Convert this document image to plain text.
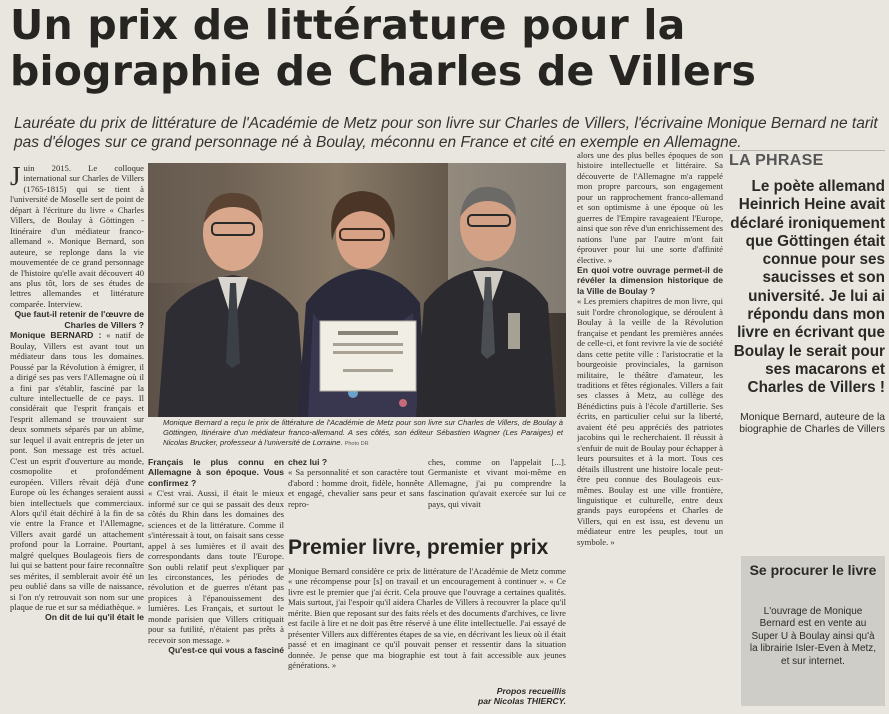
Un prix de littérature pour la biographie de Charles de Villers

Lauréate du prix de littérature de l'Académie de Metz pour son livre sur Charles de Villers, l'écrivaine Monique Bernard ne tarit pas d'éloges sur ce grand personnage né à Boulay, méconnu en France et cité en exemple en Allemagne.

Juin 2015. Le colloque international sur Charles de Villers (1765-1815) qui se tient à l'université de Moselle sert de point de départ à l'écriture du livre « Charles Villers, de Boulay à Göttingen - Itinéraire d'un médiateur franco-allemand ». Monique Bernard, son auteure, se replonge dans la vie mouvementée de ce grand personnage de l'histoire qu'elle avait découvert 40 ans plus tôt, lors de ses études de lettres allemandes et littérature comparée. Interview.

Que faut-il retenir de l'œuvre de Charles de Villers ?

Monique BERNARD : « natif de Boulay, Villers est avant tout un médiateur dans tous les domaines. Poussé par la Révolution à émigrer, il a dirigé ses pas vers l'Allemagne où il a fini par s'établir, fasciné par la culture intellectuelle de ce pays. Il considérait que l'esprit français et l'esprit allemand se trouvaient sur deux sommets séparés par un abîme, sur lequel il avait entrepris de jeter un pont. Son message est très actuel. C'est un esprit d'ouverture au monde, cosmopolite et profondément européen. Villers rêvait déjà d'une Europe où les échanges seraient aussi bien intellectuels que commerciaux. Alors qu'il était déchiré à la fin de sa vie entre la France et l'Allemagne, Villers avait gardé un attachement profond pour la Lorraine. Pourtant, malgré quelques Boulageois fiers de lui qui se battent pour faire reconnaître ses mérites, il semblerait avoir été un peu oublié dans sa ville de naissance, si l'on n'y retrouvait son nom sur une plaque de rue et sur sa médiathèque. »

On dit de lui qu'il était le

Monique Bernard a reçu le prix de littérature de l'Académie de Metz pour son livre sur Charles de Villers, de Boulay à Göttingen, Itinéraire d'un médiateur franco-allemand. A ses côtés, son éditeur Sébastien Wagner (Les Paraiges) et Nicolas Brucker, professeur à l'université de Lorraine. Photo DR

Français le plus connu en Allemagne à son époque. Vous confirmez ?

« C'est vrai. Aussi, il était le mieux informé sur ce qui se passait des deux côtés du Rhin dans les domaines des sciences et de la littérature. Comme il s'intéressait à tout, on faisait sans cesse appel à ses lumières et il avait des correspondants dans toute l'Europe. Son oubli relatif peut s'expliquer par les circonstances, les périodes de révolution et de guerres n'étant pas propices à l'épanouissement des lumières. Les Français, et surtout le monde parisien que Villers critiquait pour sa futilité, n'étaient pas prêts à recevoir son message. »

Qu'est-ce qui vous a fasciné

chez lui ?

« Sa personnalité et son caractère tout d'abord : homme droit, fidèle, honnête et engagé, chevalier sans peur et sans repro-

ches, comme on l'appelait [...]. Germaniste et vivant moi-même en Allemagne, j'ai pu comprendre la fascination qu'avait exercée sur lui ce pays, qui vivait

Premier livre, premier prix

Monique Bernard considère ce prix de littérature de l'Académie de Metz comme « une récompense pour [s] on travail et un encouragement à continuer ». « Ce livre est le premier que j'ai écrit. Cela prouve que l'ouvrage a certaines qualités. Mais surtout, j'ai l'espoir qu'il aidera Charles de Villers à recouvrer la place qu'il mérite. Bien que reposant sur des faits réels et des documents d'archives, ce livre est facile à lire et ne doit pas être réservé à une élite intellectuelle. J'ai essayé de présenter Villers aux différentes étapes de sa vie, en décrivant les lieux où il était passé et en imaginant ce qu'il pouvait penser et ressentir dans la situation donnée. Je pense que ma biographie est tout à fait accessible aux jeunes générations. »

Propos recueillis
par Nicolas THIERCY.

alors une des plus belles époques de son histoire intellectuelle et littéraire. Sa découverte de l'Allemagne m'a rappelé mon propre parcours, son engagement pour un rapprochement franco-allemand et son optimisme à une époque où les guerres de l'Empire ravageaient l'Europe, ainsi que son rêve d'un enrichissement des nations l'une par l'autre m'ont fait éprouver pour lui une sorte d'affinité élective. »

En quoi votre ouvrage permet-il de révéler la dimension historique de la Ville de Boulay ?

« Les premiers chapitres de mon livre, qui suit l'ordre chronologique, se déroulent à Boulay à la veille de la Révolution française et pendant les premières années de celle-ci, et font revivre la vie de société dans cette petite ville : l'aristocratie et la bourgeoisie provinciales, la garnison militaire, le théâtre d'amateur, les traditions et fêtes régionales. Villers a fait ses classes à Metz, au collège des Bénédictins puis à l'école d'artillerie. Ses écrits, en particulier celui sur la liberté, avaient été peu appréciés des patriotes jacobins qui le recherchaient. Il réussit à s'enfuir de nuit de Boulay pour échapper à leurs poursuites et à la mort. Tous ces détails illustrent une histoire locale peut-être peu connue des Boulageois eux-mêmes. Boulay est une ville frontière, linguistique et culturelle, entre deux grands pays européens et Charles de Villers, qui en est issu, est devenu un médiateur entre les peuples, tout un symbole. »

LA PHRASE
Le poète allemand Heinrich Heine avait déclaré ironiquement que Göttingen était connue pour ses saucisses et son université. Je lui ai répondu dans mon livre en écrivant que Boulay le serait pour ses macarons et Charles de Villers !
Monique Bernard, auteure de la biographie de Charles de Villers
Se procurer le livre
L'ouvrage de Monique Bernard est en vente au Super U à Boulay ainsi qu'à la librairie Isler-Even à Metz, et sur internet.
